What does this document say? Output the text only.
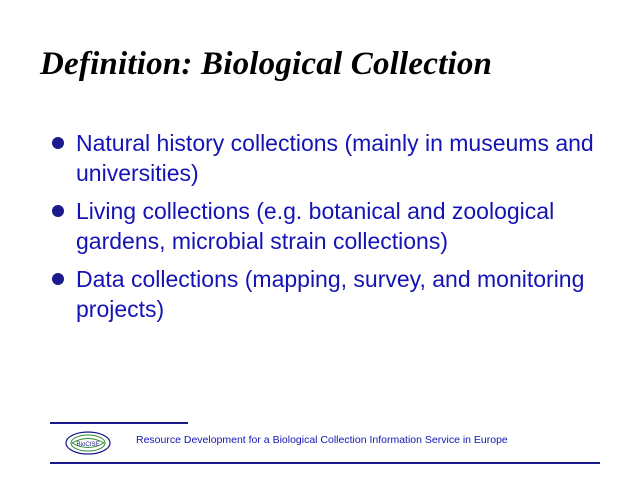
Definition: Biological Collection
Natural history collections (mainly in museums and universities)
Living collections (e.g. botanical and zoological gardens, microbial strain collections)
Data collections (mapping, survey, and monitoring projects)
BioCISE	Resource Development for a Biological Collection Information Service in Europe
